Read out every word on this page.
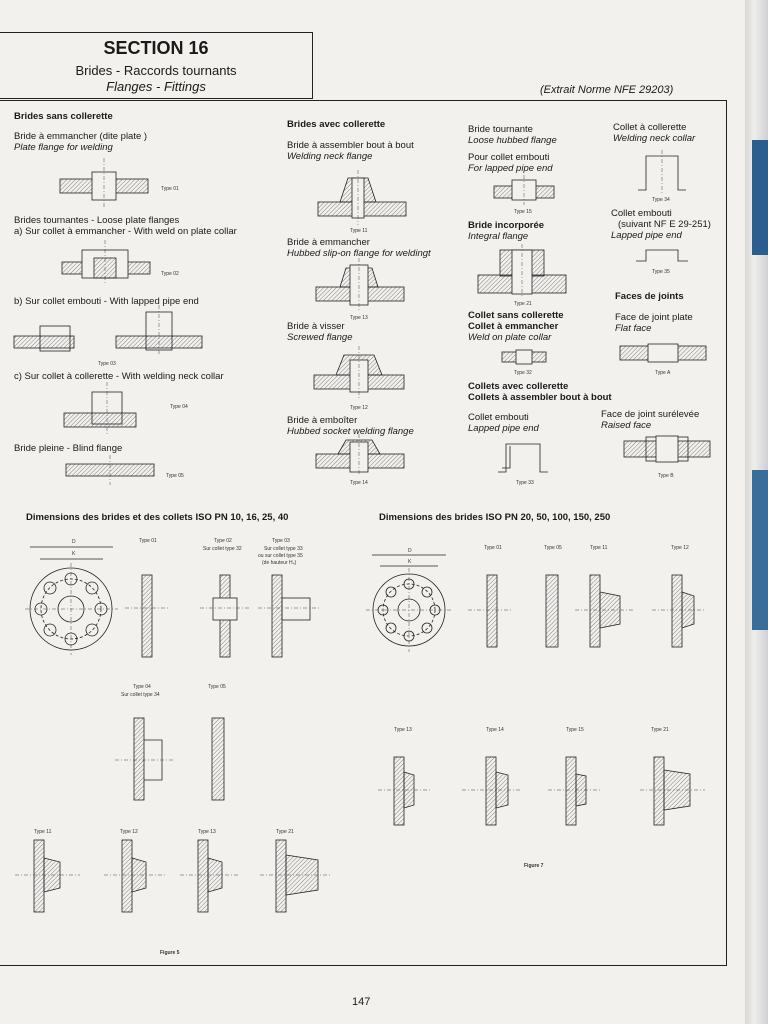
SECTION 16
Brides - Raccords tournants
Flanges - Fittings	(Extrait Norme NFE 29203)
Brides sans collerette
Bride à emmancher (dite plate )
Plate flange for welding
Type 01
Brides tournantes - Loose plate flanges
a) Sur collet à emmancher - With weld on plate collar
Type 02
b) Sur collet embouti - With lapped pipe end
Type 03
c) Sur collet à collerette - With welding neck collar
Type 04
Bride pleine - Blind flange
Type 05
Brides avec collerette
Bride à assembler bout à bout
Welding neck flange
Type 11
Bride à emmancher
Hubbed slip-on flange for weldingt
Type 13
Bride à visser
Screwed flange
Type 12
Bride à emboîter
Hubbed socket welding flange
Type 14
Bride tournante
Loose hubbed flange
Pour collet embouti
For lapped pipe end
Type 15
Bride incorporée
Integral flange
Type 21
Collet sans collerette
Collet à emmancher
Weld on plate collar
Type 32
Collets avec collerette
Collets à assembler bout à bout
Collet embouti
Lapped pipe end
Type 33
Collet à collerette
Welding neck collar
Type 34
Collet embouti
(suivant NF E 29-251)
Lapped pipe end
Type 35
Faces de joints
Face de joint plate
Flat face
Type A
Face de joint surélevée
Raised face
Type B
Dimensions des brides et des collets ISO PN 10, 16, 25, 40	Dimensions des brides ISO PN 20, 50, 100, 150, 250
Type 01	Type 02
Sur collet type 32
Type 03
Sur collet type 33
ou sur collet type 35
(de hauteur H₄)
D
K
Type 04
Sur collet type 34
Type 05
Type 11	Type 12	Type 13	Type 21
Figure 5
Type 01	Type 05	Type 11	Type 12
D
K
Type 13	Type 14	Type 15	Type 21
Figure 7
147
